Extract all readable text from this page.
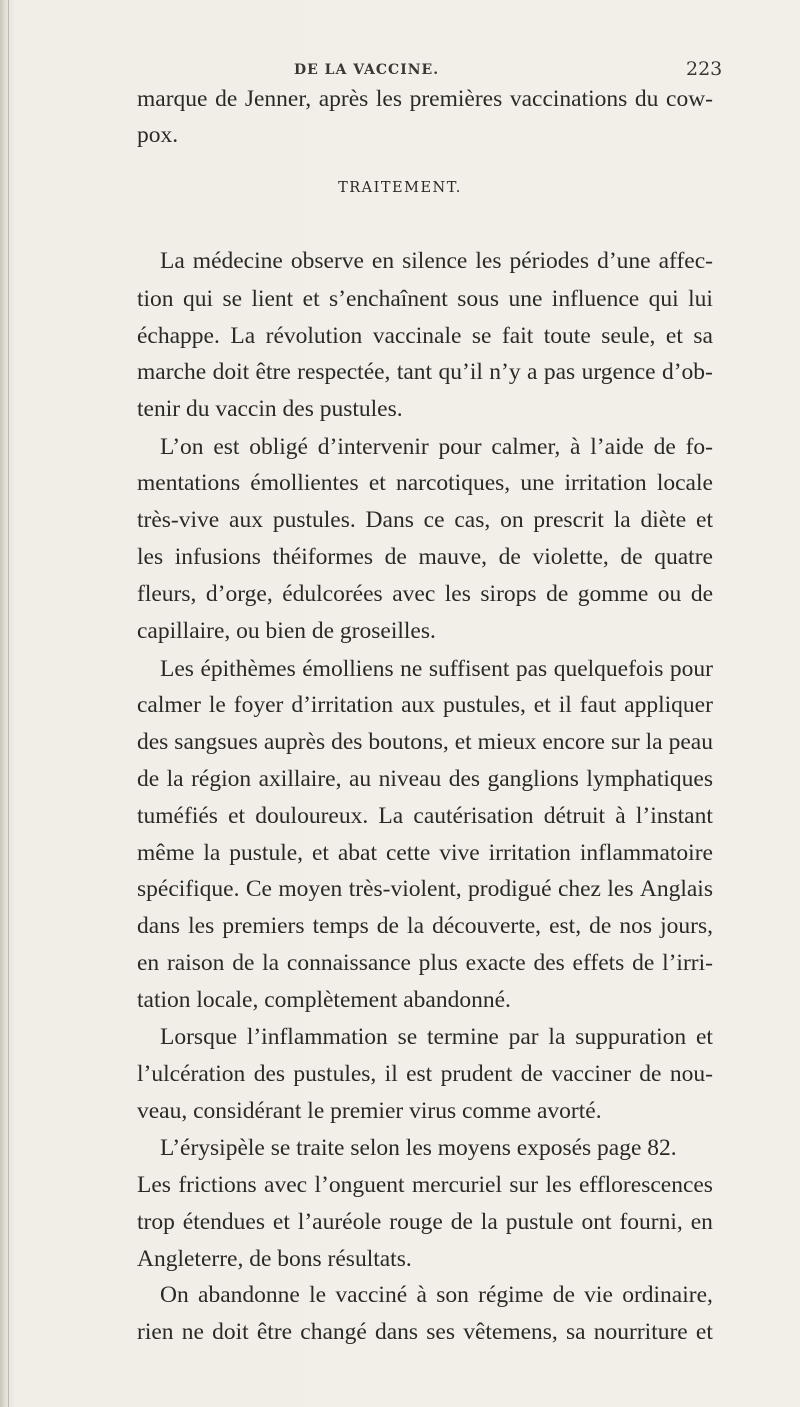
DE LA VACCINE.	223
TRAITEMENT.
marque de Jenner, après les premières vaccinations du cow-
pox.
La médecine observe en silence les périodes d’une affec-
tion qui se lient et s’enchaînent sous une influence qui lui
échappe. La révolution vaccinale se fait toute seule, et sa
marche doit être respectée, tant qu’il n’y a pas urgence d’ob-
tenir du vaccin des pustules.
L’on est obligé d’intervenir pour calmer, à l’aide de fo-
mentations émollientes et narcotiques, une irritation locale
très-vive aux pustules. Dans ce cas, on prescrit la diète et
les infusions théiformes de mauve, de violette, de quatre
fleurs, d’orge, édulcorées avec les sirops de gomme ou de
capillaire, ou bien de groseilles.
Les épithèmes émolliens ne suffisent pas quelquefois pour
calmer le foyer d’irritation aux pustules, et il faut appliquer
des sangsues auprès des boutons, et mieux encore sur la peau
de la région axillaire, au niveau des ganglions lymphatiques
tuméfiés et douloureux. La cautérisation détruit à l’instant
même la pustule, et abat cette vive irritation inflammatoire
spécifique. Ce moyen très-violent, prodigué chez les Anglais
dans les premiers temps de la découverte, est, de nos jours,
en raison de la connaissance plus exacte des effets de l’irri-
tation locale, complètement abandonné.
Lorsque l’inflammation se termine par la suppuration et
l’ulcération des pustules, il est prudent de vacciner de nou-
veau, considérant le premier virus comme avorté.
L’érysipèle se traite selon les moyens exposés page 82.
Les frictions avec l’onguent mercuriel sur les efflorescences
trop étendues et l’auréole rouge de la pustule ont fourni, en
Angleterre, de bons résultats.
On abandonne le vacciné à son régime de vie ordinaire,
rien ne doit être changé dans ses vêtemens, sa nourriture et
